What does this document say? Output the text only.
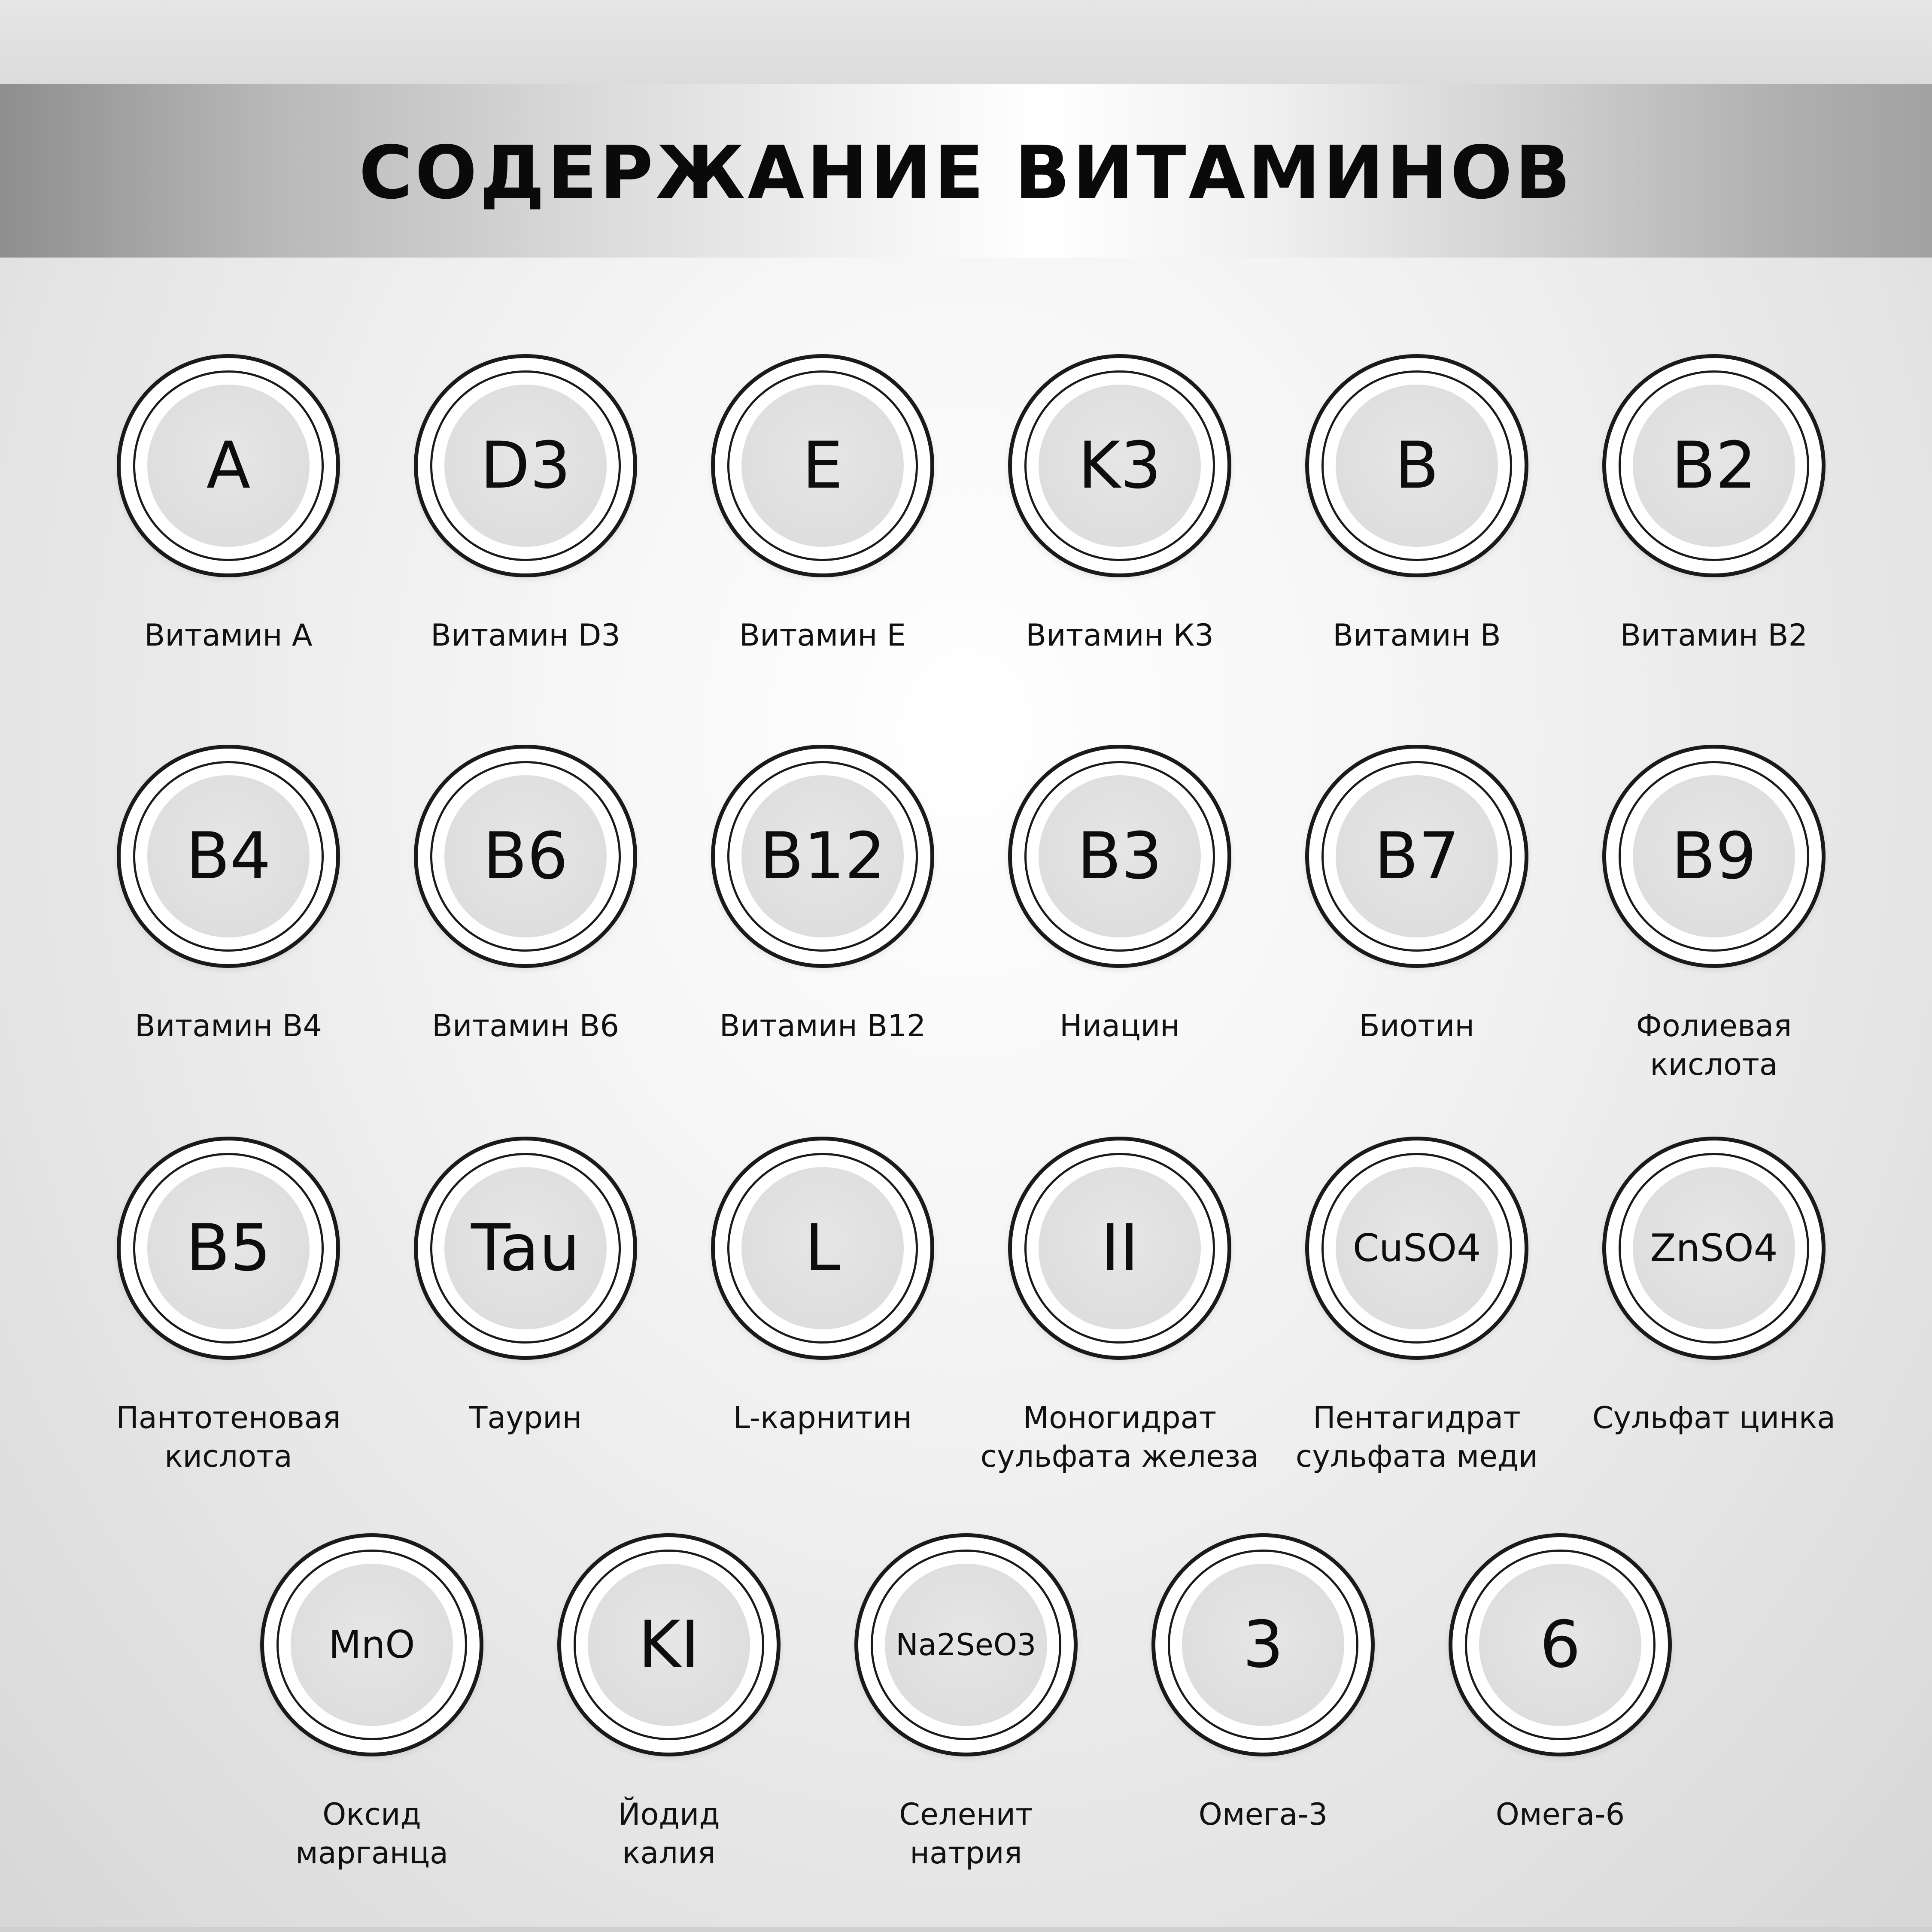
СОДЕРЖАНИЕ ВИТАМИНОВ
A
Витамин А
D3
Витамин D3
E
Витамин Е
K3
Витамин К3
B
Витамин В
B2
Витамин В2
B4
Витамин В4
B6
Витамин В6
B12
Витамин В12
B3
Ниацин
B7
Биотин
B9
Фолиевая
кислота
B5
Пантотеновая
кислота
Tau
Таурин
L
L-карнитин
II
Моногидрат
сульфата железа
CuSO4
Пентагидрат
сульфата меди
ZnSO4
Сульфат цинка
MnO
Оксид
марганца
KI
Йодид
калия
Na2SeO3
Селенит
натрия
3
Омега-3
6
Омега-6
